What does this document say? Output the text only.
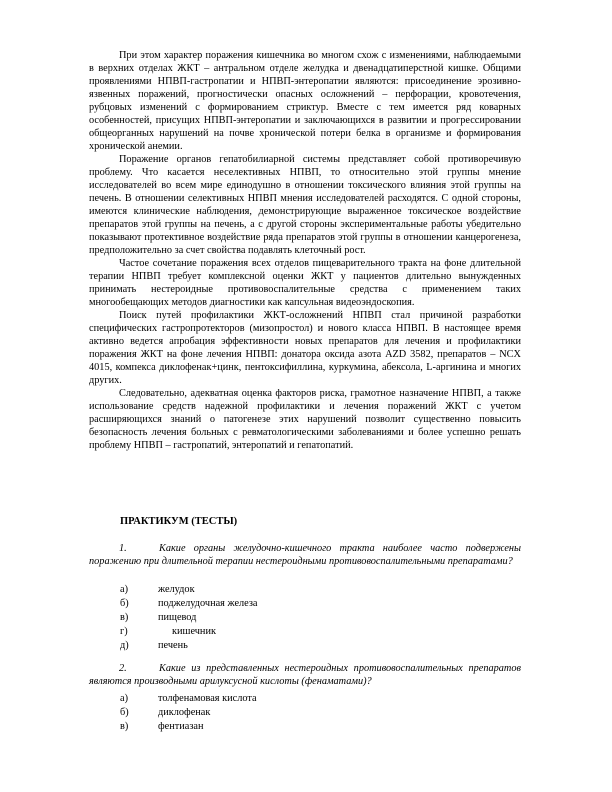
При этом характер поражения кишечника во многом схож с изменениями, наблюдаемыми в верхних отделах ЖКТ – антральном отделе желудка и двенадцатиперстной кишке. Общими проявлениями НПВП-гастропатии и НПВП-энтеропатии являются: присоединение эрозивно-язвенных поражений, прогностически опасных осложнений – перфорации, кровотечения, рубцовых изменений с формированием стриктур. Вместе с тем имеется ряд коварных особенностей, присущих НПВП-энтеропатии и заключающихся в развитии и прогрессировании общеорганных нарушений на почве хронической потери белка в организме и формирования хронической анемии.

Поражение органов гепатобилиарной системы представляет собой противоречивую проблему. Что касается неселективных НПВП, то относительно этой группы мнение исследователей во всем мире единодушно в отношении токсического влияния этой группы на печень. В отношении селективных НПВП мнения исследователей расходятся. С одной стороны, имеются клинические наблюдения, демонстрирующие выраженное токсическое воздействие препаратов этой группы на печень, а с другой стороны экспериментальные работы убедительно показывают протективное воздействие ряда препаратов этой группы в отношении канцерогенеза, предположительно за счет свойства подавлять клеточный рост.

Частое сочетание поражения всех отделов пищеварительного тракта на фоне длительной терапии НПВП требует комплексной оценки ЖКТ у пациентов длительно вынужденных принимать нестероидные противовоспалительные средства с применением таких многообещающих методов диагностики как капсульная видеоэндоскопия.

Поиск путей профилактики ЖКТ-осложнений НПВП стал причиной разработки специфических гастропротекторов (мизопростол) и нового класса НПВП. В настоящее время активно ведется апробация эффективности новых препаратов для лечения и профилактики поражения ЖКТ на фоне лечения НПВП: донатора оксида азота AZD 3582, препаратов – NCX 4015, компекса диклофенак+цинк, пентоксифиллина, куркумина, абексола, L-аргинина и многих других.

Следовательно, адекватная оценка факторов риска, грамотное назначение НПВП, а также использование средств надежной профилактики и лечения поражений ЖКТ с учетом расширяющихся знаний о патогенезе этих нарушений позволит существенно повысить безопасность лечения больных с ревматологическими заболеваниями и более успешно решать проблему НПВП – гастропатий, энтеропатий и гепатопатий.

ПРАКТИКУМ (ТЕСТЫ)

1.	Какие органы желудочно-кишечного тракта наиболее часто подвержены поражению при длительной терапии нестероидными противовоспалительными препаратами?

а)	желудок
б)	поджелудочная железа
в)	пищевод
г)	кишечник
д)	печень

2.	Какие из представленных нестероидных противовоспалительных препаратов являются производными арилуксусной кислоты (фенаматами)?

а)	толфенамовая кислота
б)	диклофенак
в)	фентиазан
